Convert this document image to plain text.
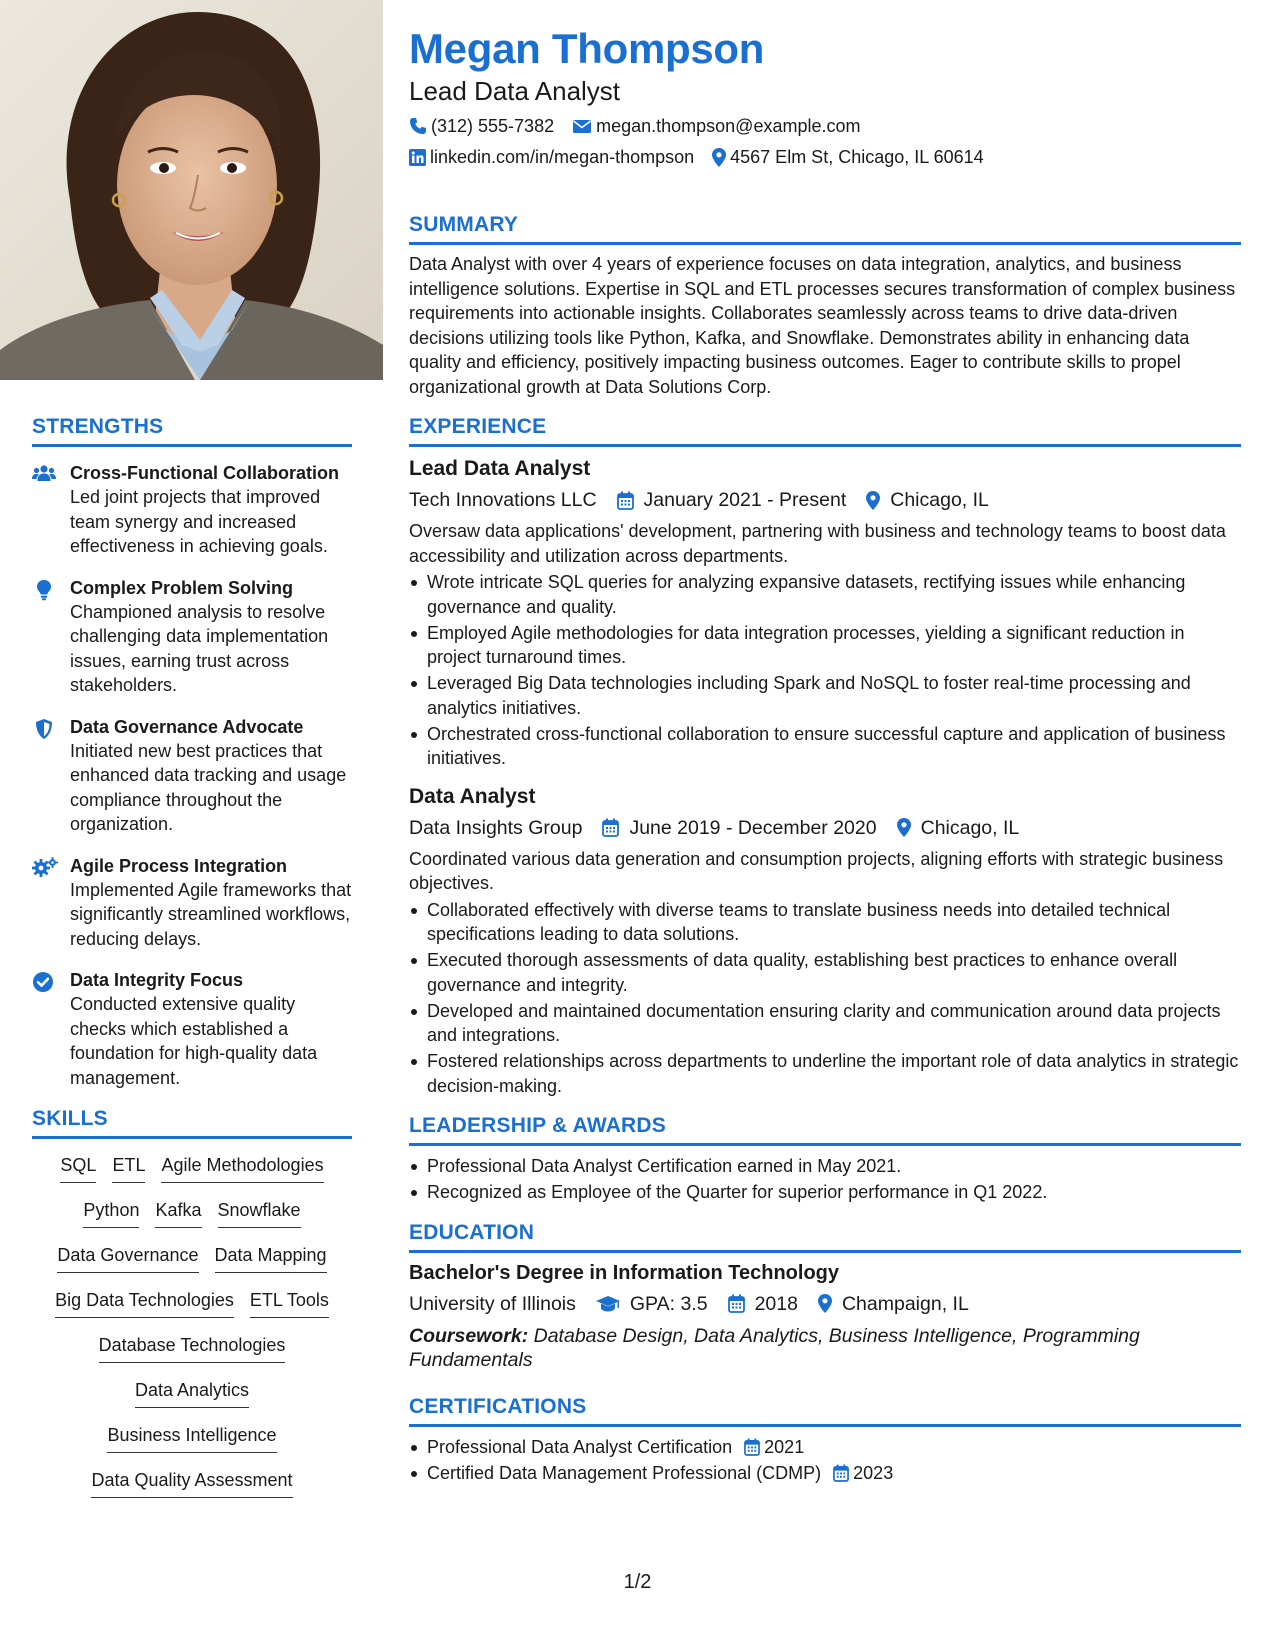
STRENGTHS
Cross-Functional Collaboration
Led joint projects that improved team synergy and increased effectiveness in achieving goals.
Complex Problem Solving
Championed analysis to resolve challenging data implementation issues, earning trust across stakeholders.
Data Governance Advocate
Initiated new best practices that enhanced data tracking and usage compliance throughout the organization.
Agile Process Integration
Implemented Agile frameworks that significantly streamlined workflows, reducing delays.
Data Integrity Focus
Conducted extensive quality checks which established a foundation for high-quality data management.
SKILLS
SQL ETL Agile Methodologies
Python Kafka Snowflake
Data Governance Data Mapping
Big Data Technologies ETL Tools
Database Technologies
Data Analytics
Business Intelligence
Data Quality Assessment
Megan Thompson
Lead Data Analyst
(312) 555-7382 megan.thompson@example.com
linkedin.com/in/megan-thompson 4567 Elm St, Chicago, IL 60614
SUMMARY
Data Analyst with over 4 years of experience focuses on data integration, analytics, and business intelligence solutions. Expertise in SQL and ETL processes secures transformation of complex business requirements into actionable insights. Collaborates seamlessly across teams to drive data-driven decisions utilizing tools like Python, Kafka, and Snowflake. Demonstrates ability in enhancing data quality and efficiency, positively impacting business outcomes. Eager to contribute skills to propel organizational growth at Data Solutions Corp.
EXPERIENCE
Lead Data Analyst
Tech Innovations LLC January 2021 - Present Chicago, IL
Oversaw data applications' development, partnering with business and technology teams to boost data accessibility and utilization across departments.
Wrote intricate SQL queries for analyzing expansive datasets, rectifying issues while enhancing governance and quality.
Employed Agile methodologies for data integration processes, yielding a significant reduction in project turnaround times.
Leveraged Big Data technologies including Spark and NoSQL to foster real-time processing and analytics initiatives.
Orchestrated cross-functional collaboration to ensure successful capture and application of business initiatives.
Data Analyst
Data Insights Group June 2019 - December 2020 Chicago, IL
Coordinated various data generation and consumption projects, aligning efforts with strategic business objectives.
Collaborated effectively with diverse teams to translate business needs into detailed technical specifications leading to data solutions.
Executed thorough assessments of data quality, establishing best practices to enhance overall governance and integrity.
Developed and maintained documentation ensuring clarity and communication around data projects and integrations.
Fostered relationships across departments to underline the important role of data analytics in strategic decision-making.
LEADERSHIP & AWARDS
Professional Data Analyst Certification earned in May 2021.
Recognized as Employee of the Quarter for superior performance in Q1 2022.
EDUCATION
Bachelor's Degree in Information Technology
University of Illinois	GPA: 3.5 2018 Champaign, IL
Coursework: Database Design, Data Analytics, Business Intelligence, Programming Fundamentals
CERTIFICATIONS
Professional Data Analyst Certification 2021
Certified Data Management Professional (CDMP) 2023
1/2
